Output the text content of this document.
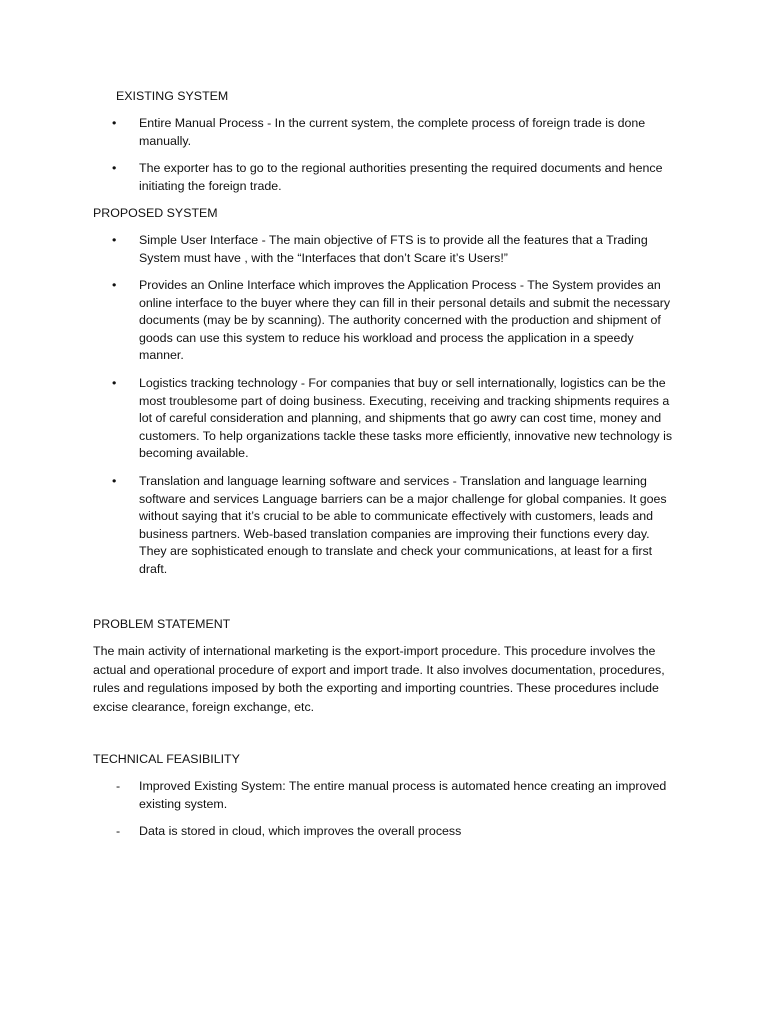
EXISTING SYSTEM
•	Entire Manual Process - In the current system, the complete process of foreign trade is done manually.
•	The exporter has to go to the regional authorities presenting the required documents and hence initiating the foreign trade.
PROPOSED SYSTEM
•	Simple User Interface - The main objective of FTS is to provide all the features that a Trading System must have , with the “Interfaces that don’t Scare it’s Users!”
•	Provides an Online Interface which improves the Application Process - The System provides an online interface to the buyer where they can fill in their personal details and submit the necessary documents (may be by scanning). The authority concerned with the production and shipment of goods can use this system to reduce his workload and process the application in a speedy manner.
•	Logistics tracking technology - For companies that buy or sell internationally, logistics can be the most troublesome part of doing business. Executing, receiving and tracking shipments requires a lot of careful consideration and planning, and shipments that go awry can cost time, money and customers. To help organizations tackle these tasks more efficiently, innovative new technology is becoming available.
•	Translation and language learning software and services - Translation and language learning software and services Language barriers can be a major challenge for global companies. It goes without saying that it’s crucial to be able to communicate effectively with customers, leads and business partners. Web-based translation companies are improving their functions every day. They are sophisticated enough to translate and check your communications, at least for a first draft.
PROBLEM STATEMENT

The main activity of international marketing is the export-import procedure. This procedure involves the actual and operational procedure of export and import trade. It also involves documentation, procedures, rules and regulations imposed by both the exporting and importing countries. These procedures include excise clearance, foreign exchange, etc.

TECHNICAL FEASIBILITY
-	Improved Existing System: The entire manual process is automated hence creating an improved existing system.
-	Data is stored in cloud, which improves the overall process
